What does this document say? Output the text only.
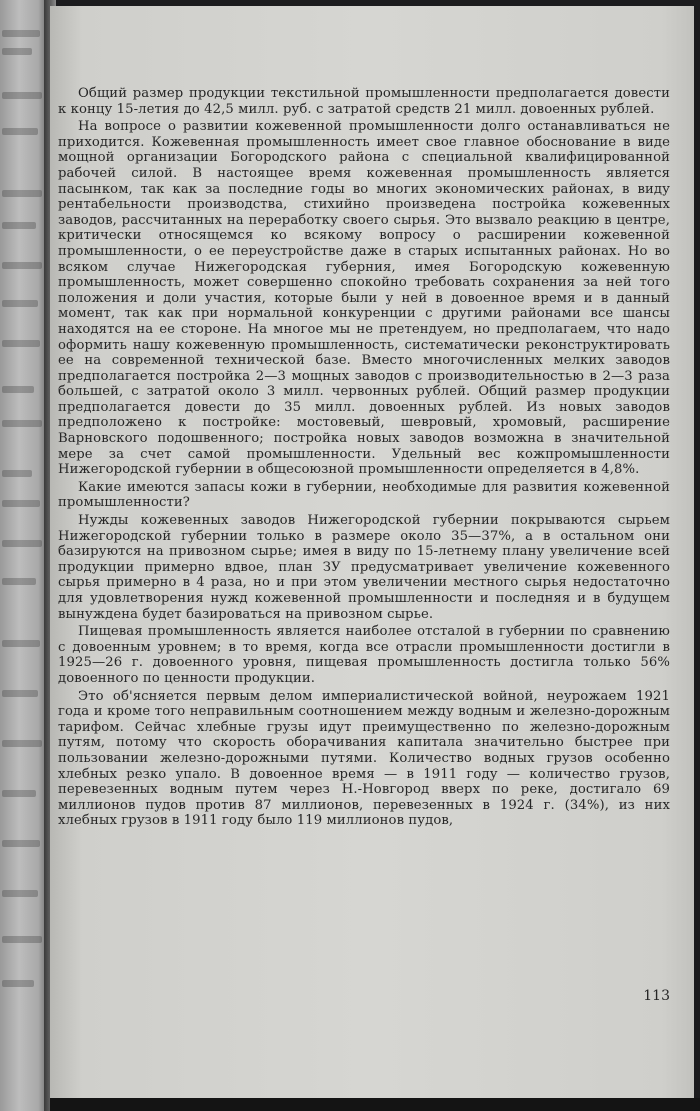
Общий размер продукции текстильной промышленности предполагается довести к концу 15-летия до 42,5 милл. руб. с затратой средств 21 милл. довоенных рублей.

На вопросе о развитии кожевенной промышленности долго останавливаться не приходится. Кожевенная промышленность имеет свое главное обоснование в виде мощной организации Богородского района с специальной квалифицированной рабочей силой. В настоящее время кожевенная промышленность является пасынком, так как за последние годы во многих экономических районах, в виду рентабельности производства, стихийно произведена постройка кожевенных заводов, рассчитанных на переработку своего сырья. Это вызвало реакцию в центре, критически относящемся ко всякому вопросу о расширении кожевенной промышленности, о ее переустройстве даже в старых испытанных районах. Но во всяком случае Нижегородская губерния, имея Богородскую кожевенную промышленность, может совершенно спокойно требовать сохранения за ней того положения и доли участия, которые были у ней в довоенное время и в данный момент, так как при нормальной конкуренции с другими районами все шансы находятся на ее стороне. На многое мы не претендуем, но предполагаем, что надо оформить нашу кожевенную промышленность, систематически реконструктировать ее на современной технической базе. Вместо многочисленных мелких заводов предполагается постройка 2—3 мощных заводов с производительностью в 2—3 раза большей, с затратой около 3 милл. червонных рублей. Общий размер продукции предполагается довести до 35 милл. довоенных рублей. Из новых заводов предположено к постройке: мостовевый, шевровый, хромовый, расширение Варновского подошвенного; постройка новых заводов возможна в значительной мере за счет самой промышленности. Удельный вес кожпромышленности Нижегородской губернии в общесоюзной промышленности определяется в 4,8%.

Какие имеются запасы кожи в губернии, необходимые для развития кожевенной промышленности?

Нужды кожевенных заводов Нижегородской губернии покрываются сырьем Нижегородской губернии только в размере около 35—37%, а в остальном они базируются на привозном сырье; имея в виду по 15-летнему плану увеличение всей продукции примерно вдвое, план ЗУ предусматривает увеличение кожевенного сырья примерно в 4 раза, но и при этом увеличении местного сырья недостаточно для удовлетворения нужд кожевенной промышленности и последняя и в будущем вынуждена будет базироваться на привозном сырье.

Пищевая промышленность является наиболее отсталой в губернии по сравнению с довоенным уровнем; в то время, когда все отрасли промышленности достигли в 1925—26 г. довоенного уровня, пищевая промышленность достигла только 56% довоенного по ценности продукции.

Это об'ясняется первым делом империалистической войной, неурожаем 1921 года и кроме того неправильным соотношением между водным и железно-дорожным тарифом. Сейчас хлебные грузы идут преимущественно по железно-дорожным путям, потому что скорость оборачивания капитала значительно быстрее при пользовании железно-дорожными путями. Количество водных грузов особенно хлебных резко упало. В довоенное время — в 1911 году — количество грузов, перевезенных водным путем через Н.-Новгород вверх по реке, достигало 69 миллионов пудов против 87 миллионов, перевезенных в 1924 г. (34%), из них хлебных грузов в 1911 году было 119 миллионов пудов,

113
